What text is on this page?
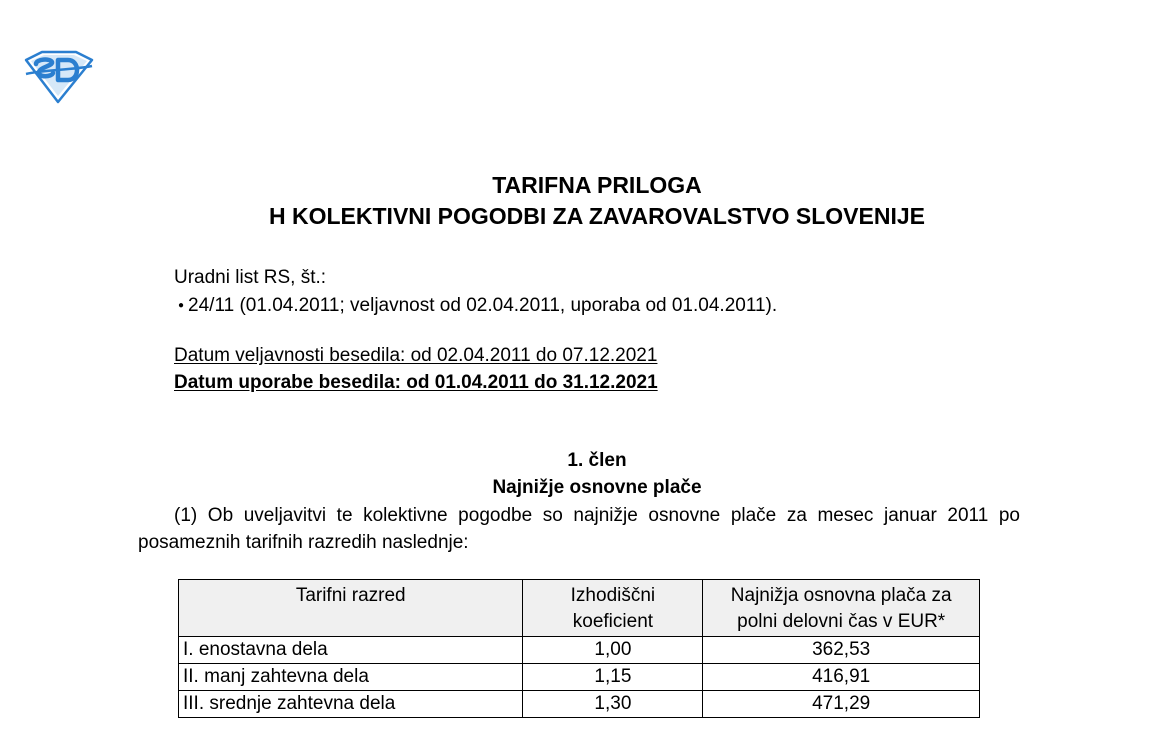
TARIFNA PRILOGA
H KOLEKTIVNI POGODBI ZA ZAVAROVALSTVO SLOVENIJE
Uradni list RS, št.:
● 24/11 (01.04.2011; veljavnost od 02.04.2011, uporaba od 01.04.2011).
Datum veljavnosti besedila: od 02.04.2011 do 07.12.2021
Datum uporabe besedila: od 01.04.2011 do 31.12.2021
1. člen
Najnižje osnovne plače

(1) Ob uveljavitvi te kolektivne pogodbe so najnižje osnovne plače za mesec januar 2011 po posameznih tarifnih razredih naslednje:

Tarifni razred	Izhodiščni koeficient	Najnižja osnovna plača za polni delovni čas v EUR*
I. enostavna dela	1,00	362,53
II. manj zahtevna dela	1,15	416,91
III. srednje zahtevna dela	1,30	471,29
